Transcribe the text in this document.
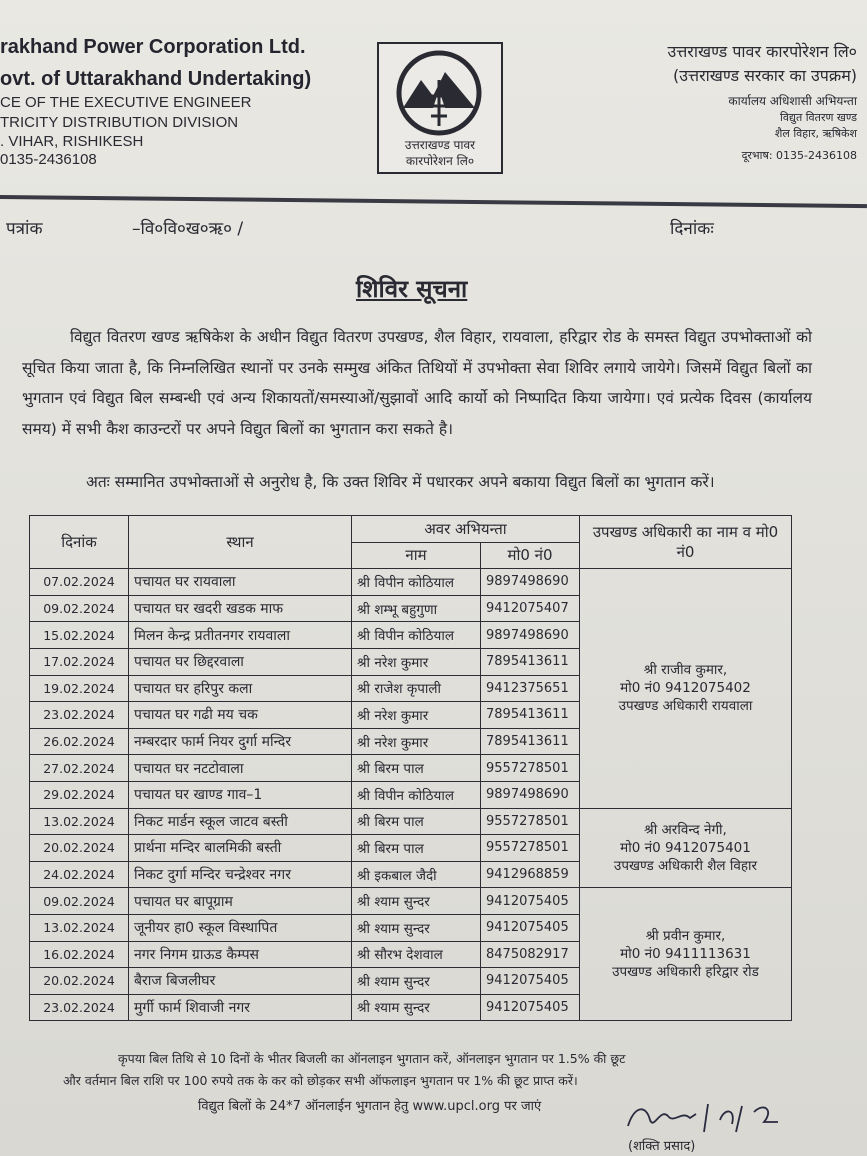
rakhand Power Corporation Ltd.
ovt. of Uttarakhand Undertaking)
CE OF THE EXECUTIVE ENGINEER
TRICITY DISTRIBUTION DIVISION
. VIHAR, RISHIKESH
0135-2436108
उत्तराखण्ड पावर
कारपोरेशन लि०
उत्तराखण्ड पावर कारपोरेशन लि०
(उत्तराखण्ड सरकार का उपक्रम)
कार्यालय अधिशासी अभियन्ता
विद्युत वितरण खण्ड
शैल विहार, ऋषिकेश
दूरभाष: 0135-2436108
पत्रांक	–वि०वि०ख०ऋ० /	दिनांकः
शिविर सूचना
विद्युत वितरण खण्ड ऋषिकेश के अधीन विद्युत वितरण उपखण्ड, शैल विहार, रायवाला, हरिद्वार रोड के समस्त विद्युत उपभोक्ताओं को सूचित किया जाता है, कि निम्नलिखित स्थानों पर उनके सम्मुख अंकित तिथियों में उपभोक्ता सेवा शिविर लगाये जायेगे। जिसमें विद्युत बिलों का भुगतान एवं विद्युत बिल सम्बन्धी एवं अन्य शिकायतों/समस्याओं/सुझावों आदि कार्यो को निष्पादित किया जायेगा। एवं प्रत्येक दिवस (कार्यालय समय) में सभी कैश काउन्टरों पर अपने विद्युत बिलों का भुगतान करा सकते है।
अतः सम्मानित उपभोक्ताओं से अनुरोध है, कि उक्त शिविर में पधारकर अपने बकाया विद्युत बिलों का भुगतान करें।
दिनांक	स्थान	अवर अभियन्ता		उपखण्ड अधिकारी का नाम व मो0 नं0
		नाम	मो0 नं0	
07.02.2024	पचायत घर रायवाला	श्री विपीन कोठियाल	9897498690	श्री राजीव कुमार,
मो0 नं0 9412075402
उपखण्ड अधिकारी रायवाला

09.02.2024	पचायत घर खदरी खडक माफ	श्री शम्भू बहुगुणा	9412075407	
15.02.2024	मिलन केन्द्र प्रतीतनगर रायवाला	श्री विपीन कोठियाल	9897498690	
17.02.2024	पचायत घर छिद्दरवाला	श्री नरेश कुमार	7895413611	
19.02.2024	पचायत घर हरिपुर कला	श्री राजेश कृपाली	9412375651	
23.02.2024	पचायत घर गढी मय चक	श्री नरेश कुमार	7895413611	
26.02.2024	नम्बरदार फार्म नियर दुर्गा मन्दिर	श्री नरेश कुमार	7895413611	
27.02.2024	पचायत घर नटटोवाला	श्री बिरम पाल	9557278501	
29.02.2024	पचायत घर खाण्ड गाव–1	श्री विपीन कोठियाल	9897498690	
13.02.2024	निकट मार्डन स्कूल जाटव बस्ती	श्री बिरम पाल	9557278501	श्री अरविन्द नेगी,
मो0 नं0 9412075401
उपखण्ड अधिकारी शैल विहार

20.02.2024	प्रार्थना मन्दिर बालमिकी बस्ती	श्री बिरम पाल	9557278501	
24.02.2024	निकट दुर्गा मन्दिर चन्द्रेश्वर नगर	श्री इकबाल जैदी	9412968859	
09.02.2024	पचायत घर बापूग्राम	श्री श्याम सुन्दर	9412075405	श्री प्रवीन कुमार,
मो0 नं0 9411113631
उपखण्ड अधिकारी हरिद्वार रोड

13.02.2024	जूनीयर हा0 स्कूल विस्थापित	श्री श्याम सुन्दर	9412075405	
16.02.2024	नगर निगम ग्राऊड कैम्पस	श्री सौरभ देशवाल	8475082917	
20.02.2024	बैराज बिजलीघर	श्री श्याम सुन्दर	9412075405	
23.02.2024	मुर्गी फार्म शिवाजी नगर	श्री श्याम सुन्दर	9412075405	
कृपया बिल तिथि से 10 दिनों के भीतर बिजली का ऑनलाइन भुगतान करें, ऑनलाइन भुगतान पर 1.5% की छूट
और वर्तमान बिल राशि पर 100 रुपये तक के कर को छोड़कर सभी ऑफलाइन भुगतान पर 1% की छूट प्राप्त करें।
विद्युत बिलों के 24*7 ऑनलाईन भुगतान हेतु www.upcl.org पर जाएं
(शक्ति प्रसाद)
